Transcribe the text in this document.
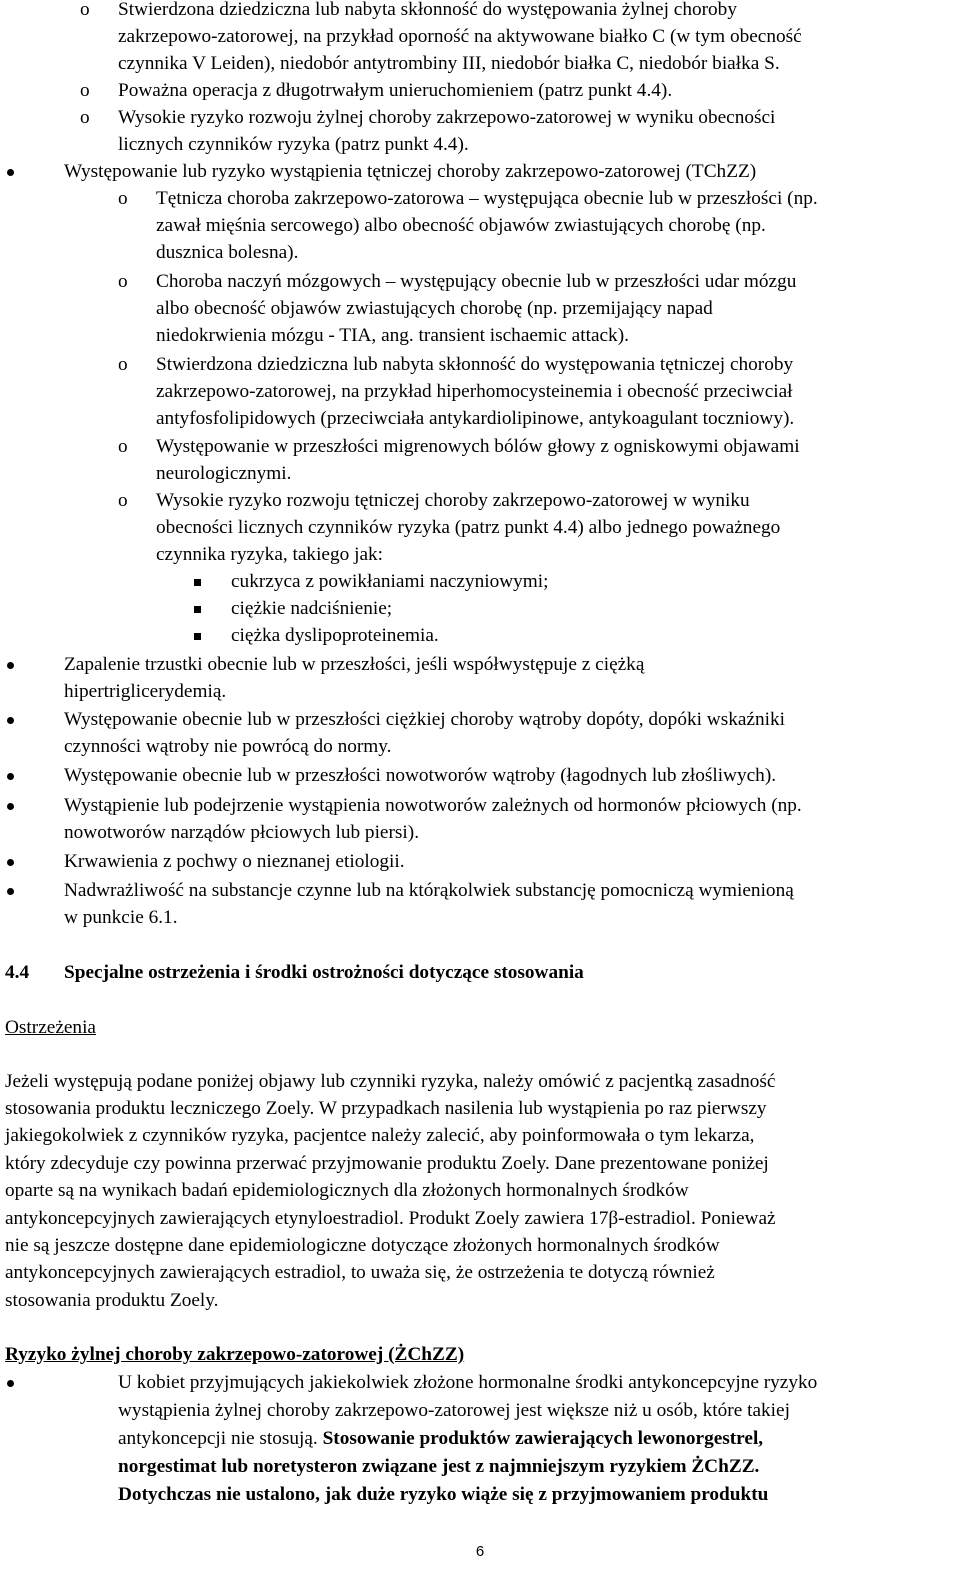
o Stwierdzona dziedziczna lub nabyta skłonność do występowania żylnej choroby
zakrzepowo-zatorowej, na przykład oporność na aktywowane białko C (w tym obecność
czynnika V Leiden), niedobór antytrombiny III, niedobór białka C, niedobór białka S.
o Poważna operacja z długotrwałym unieruchomieniem (patrz punkt 4.4).
o Wysokie ryzyko rozwoju żylnej choroby zakrzepowo-zatorowej w wyniku obecności
licznych czynników ryzyka (patrz punkt 4.4).
Występowanie lub ryzyko wystąpienia tętniczej choroby zakrzepowo-zatorowej (TChZZ)
o Tętnicza choroba zakrzepowo-zatorowa – występująca obecnie lub w przeszłości (np.
zawał mięśnia sercowego) albo obecność objawów zwiastujących chorobę (np.
dusznica bolesna).
o Choroba naczyń mózgowych – występujący obecnie lub w przeszłości udar mózgu
albo obecność objawów zwiastujących chorobę (np. przemijający napad
niedokrwienia mózgu - TIA, ang. transient ischaemic attack).
o Stwierdzona dziedziczna lub nabyta skłonność do występowania tętniczej choroby
zakrzepowo-zatorowej, na przykład hiperhomocysteinemia i obecność przeciwciał
antyfosfolipidowych (przeciwciała antykardiolipinowe, antykoagulant toczniowy).
o Występowanie w przeszłości migrenowych bólów głowy z ogniskowymi objawami
neurologicznymi.
o Wysokie ryzyko rozwoju tętniczej choroby zakrzepowo-zatorowej w wyniku
obecności licznych czynników ryzyka (patrz punkt 4.4) albo jednego poważnego
czynnika ryzyka, takiego jak:
cukrzyca z powikłaniami naczyniowymi;
ciężkie nadciśnienie;
ciężka dyslipoproteinemia.
Zapalenie trzustki obecnie lub w przeszłości, jeśli współwystępuje z ciężką
hipertriglicerydemią.
Występowanie obecnie lub w przeszłości ciężkiej choroby wątroby dopóty, dopóki wskaźniki
czynności wątroby nie powrócą do normy.
Występowanie obecnie lub w przeszłości nowotworów wątroby (łagodnych lub złośliwych).
Wystąpienie lub podejrzenie wystąpienia nowotworów zależnych od hormonów płciowych (np.
nowotworów narządów płciowych lub piersi).
Krwawienia z pochwy o nieznanej etiologii.
Nadwrażliwość na substancje czynne lub na którąkolwiek substancję pomocniczą wymienioną
w punkcie 6.1.
4.4 Specjalne ostrzeżenia i środki ostrożności dotyczące stosowania
Ostrzeżenia
Jeżeli występują podane poniżej objawy lub czynniki ryzyka, należy omówić z pacjentką zasadność
stosowania produktu leczniczego Zoely. W przypadkach nasilenia lub wystąpienia po raz pierwszy
jakiegokolwiek z czynników ryzyka, pacjentce należy zalecić, aby poinformowała o tym lekarza,
który zdecyduje czy powinna przerwać przyjmowanie produktu Zoely. Dane prezentowane poniżej
oparte są na wynikach badań epidemiologicznych dla złożonych hormonalnych środków
antykoncepcyjnych zawierających etynyloestradiol. Produkt Zoely zawiera 17β-estradiol. Ponieważ
nie są jeszcze dostępne dane epidemiologiczne dotyczące złożonych hormonalnych środków
antykoncepcyjnych zawierających estradiol, to uważa się, że ostrzeżenia te dotyczą również
stosowania produktu Zoely.
Ryzyko żylnej choroby zakrzepowo-zatorowej (ŻChZZ)
U kobiet przyjmujących jakiekolwiek złożone hormonalne środki antykoncepcyjne ryzyko
wystąpienia żylnej choroby zakrzepowo-zatorowej jest większe niż u osób, które takiej
antykoncepcji nie stosują. Stosowanie produktów zawierających lewonorgestrel,
norgestimat lub noretysteron związane jest z najmniejszym ryzykiem ŻChZZ.
Dotychczas nie ustalono, jak duże ryzyko wiąże się z przyjmowaniem produktu
6
